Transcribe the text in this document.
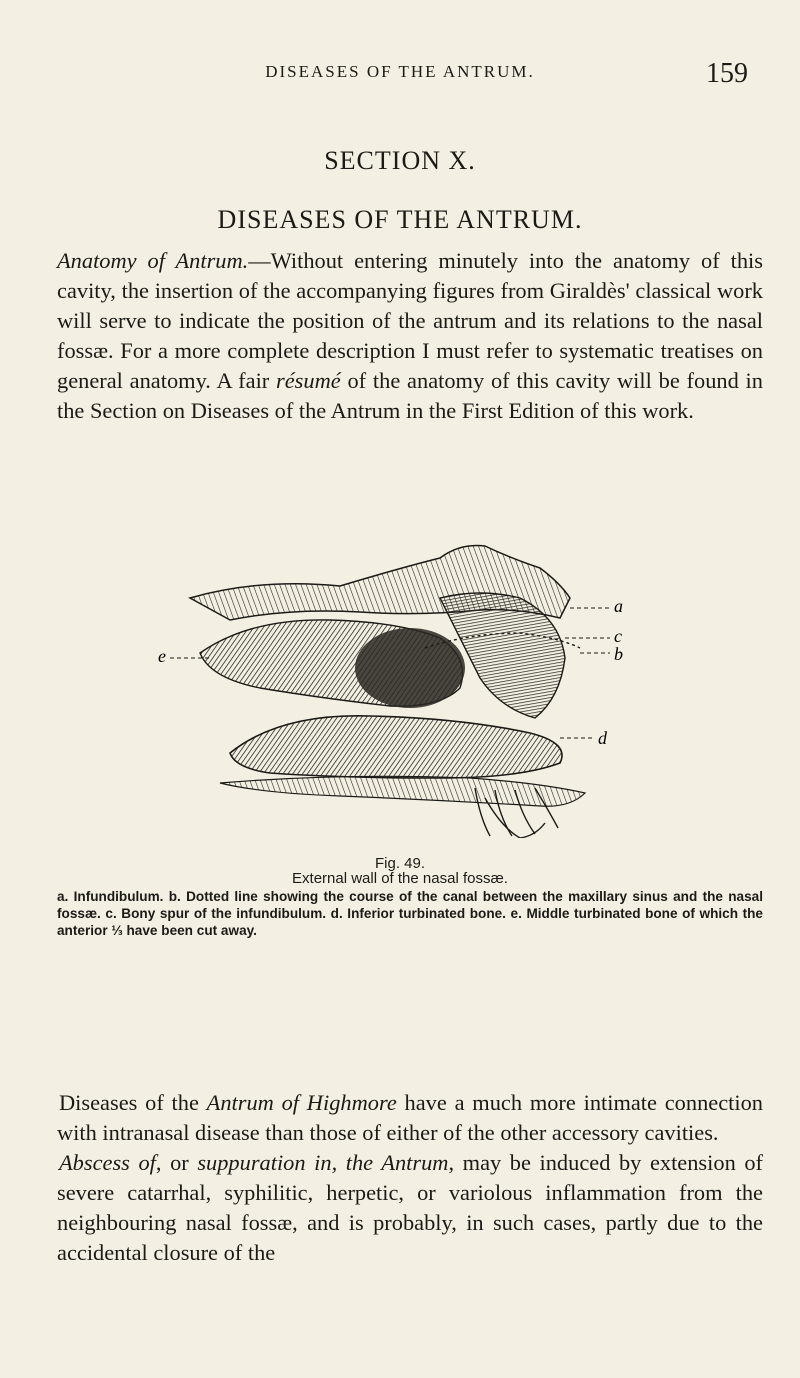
DISEASES OF THE ANTRUM.	159
SECTION X.
DISEASES OF THE ANTRUM.

Anatomy of Antrum.—Without entering minutely into the anatomy of this cavity, the insertion of the accompanying figures from Giraldès' classical work will serve to indicate the position of the antrum and its relations to the nasal fossæ. For a more complete description I must refer to systematic treatises on general anatomy. A fair résumé of the anatomy of this cavity will be found in the Section on Diseases of the Antrum in the First Edition of this work.

a
c
b
d
e
Fig. 49.
External wall of the nasal fossæ.
a. Infundibulum. b. Dotted line showing the course of the canal between the maxillary sinus and the nasal fossæ. c. Bony spur of the infundibulum. d. Inferior turbinated bone. e. Middle turbinated bone of which the anterior ⅓ have been cut away.

Diseases of the Antrum of Highmore have a much more intimate connection with intranasal disease than those of either of the other accessory cavities.

Abscess of, or suppuration in, the Antrum, may be induced by extension of severe catarrhal, syphilitic, herpetic, or variolous inflammation from the neighbouring nasal fossæ, and is probably, in such cases, partly due to the accidental closure of the
